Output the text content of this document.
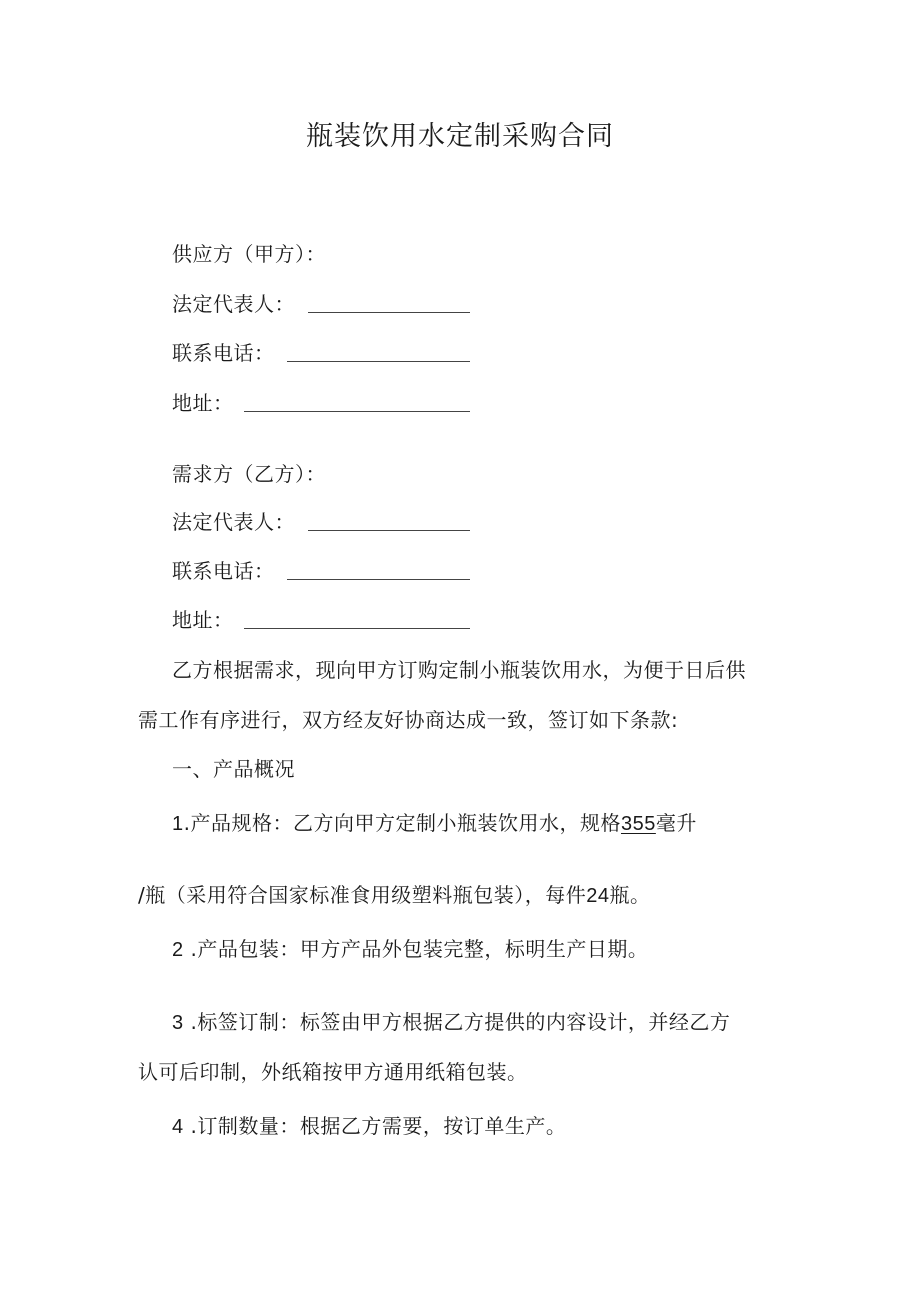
瓶装饮用水定制采购合同
供应方（甲方）：
法定代表人：
联系电话：
地址：
需求方（乙方）：
法定代表人：
联系电话：
地址：
乙方根据需求，现向甲方订购定制小瓶装饮用水，为便于日后供
需工作有序进行，双方经友好协商达成一致，签订如下条款:
一、产品概况
1.产品规格：乙方向甲方定制小瓶装饮用水，规格355毫升
/瓶（采用符合国家标准食用级塑料瓶包装），每件24瓶。
2 .产品包装：甲方产品外包装完整，标明生产日期。
3 .标签订制：标签由甲方根据乙方提供的内容设计，并经乙方
认可后印制，外纸箱按甲方通用纸箱包装。
4 .订制数量：根据乙方需要，按订单生产。
